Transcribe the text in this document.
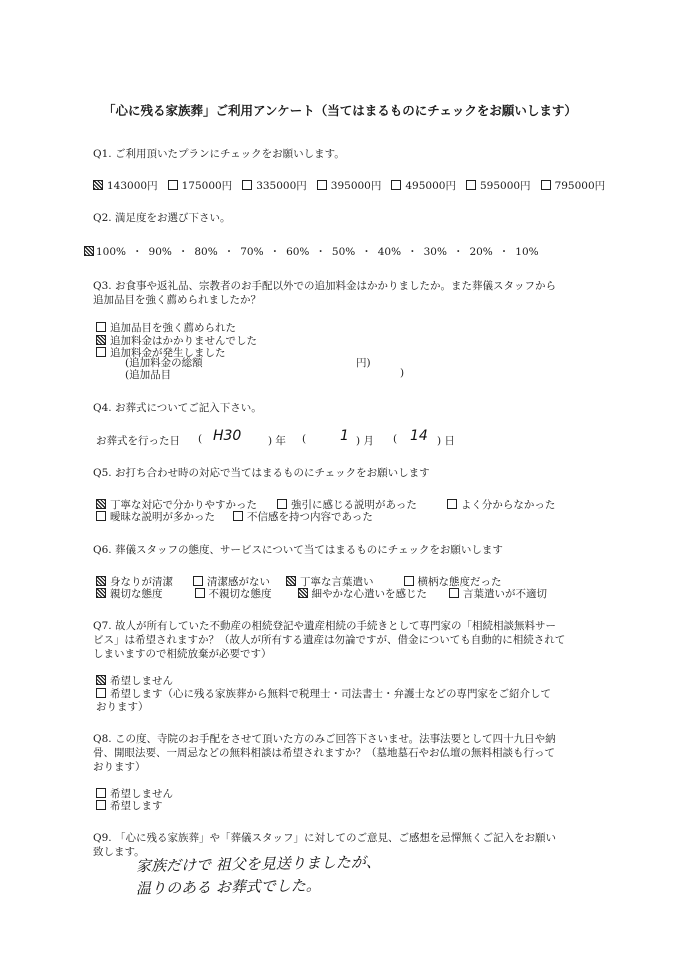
「心に残る家族葬」ご利用アンケート（当てはまるものにチェックをお願いします）
Q1. ご利用頂いたプランにチェックをお願いします。
143000円 175000円 335000円 395000円 495000円 595000円 795000円
Q2. 満足度をお選び下さい。
100% ・ 90% ・ 80% ・ 70% ・ 60% ・ 50% ・ 40% ・ 30% ・ 20% ・ 10%
Q3. お食事や返礼品、宗教者のお手配以外での追加料金はかかりましたか。また葬儀スタッフから
追加品目を強く薦められましたか？
追加品目を強く薦められた
追加料金はかかりませんでした
追加料金が発生しました
(追加料金の総額	円)
(追加品目	)
Q4. お葬式についてご記入下さい。
お葬式を行った日 ( H30	) 年 ( 1 ) 月 ( 14 ) 日
Q5. お打ち合わせ時の対応で当てはまるものにチェックをお願いします
丁寧な対応で分かりやすかった	強引に感じる説明があった	よく分からなかった
曖昧な説明が多かった	不信感を持つ内容であった
Q6. 葬儀スタッフの態度、サービスについて当てはまるものにチェックをお願いします
身なりが清潔	清潔感がない	丁寧な言葉遣い	横柄な態度だった
親切な態度	不親切な態度	細やかな心遣いを感じた	言葉遣いが不適切
Q7. 故人が所有していた不動産の相続登記や遺産相続の手続きとして専門家の「相続相談無料サー
ビス」は希望されますか？（故人が所有する遺産は勿論ですが、借金についても自動的に相続されて
しまいますので相続放棄が必要です）
希望しません
希望します（心に残る家族葬から無料で税理士・司法書士・弁護士などの専門家をご紹介して
おります）
Q8. この度、寺院のお手配をさせて頂いた方のみご回答下さいませ。法事法要として四十九日や納
骨、開眼法要、一周忌などの無料相談は希望されますか？（墓地墓石やお仏壇の無料相談も行って
おります）
希望しません
希望します
Q9. 「心に残る家族葬」や「葬儀スタッフ」に対してのご意見、ご感想を忌憚無くご記入をお願い
致します。
家族だけで 祖父を見送りましたが、
温りのある お葬式でした。
